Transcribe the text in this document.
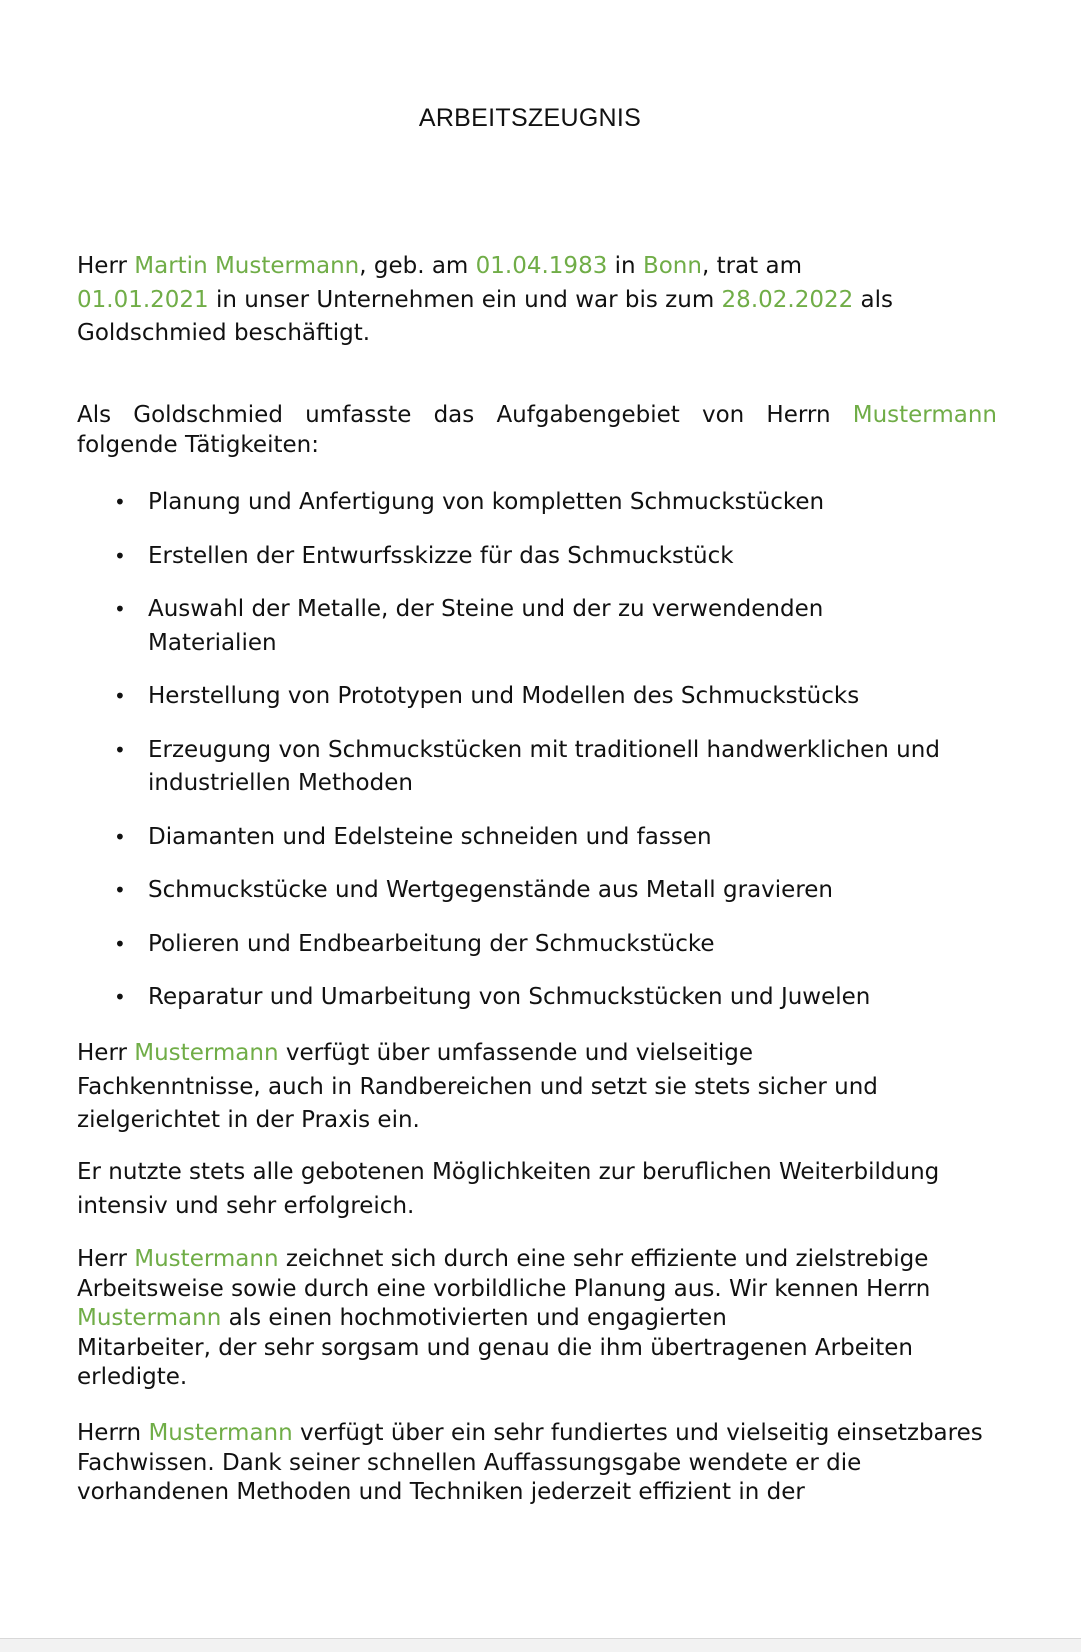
ARBEITSZEUGNIS

Herr Martin Mustermann, geb. am 01.04.1983 in Bonn, trat am
01.01.2021 in unser Unternehmen ein und war bis zum 28.02.2022 als
Goldschmied beschäftigt.

Als Goldschmied umfasste das Aufgabengebiet von Herrn Mustermann
folgende Tätigkeiten:

• Planung und Anfertigung von kompletten Schmuckstücken
• Erstellen der Entwurfsskizze für das Schmuckstück
• Auswahl der Metalle, der Steine und der zu verwendenden Materialien
• Herstellung von Prototypen und Modellen des Schmuckstücks
• Erzeugung von Schmuckstücken mit traditionell handwerklichen und industriellen Methoden
• Diamanten und Edelsteine schneiden und fassen
• Schmuckstücke und Wertgegenstände aus Metall gravieren
• Polieren und Endbearbeitung der Schmuckstücke
• Reparatur und Umarbeitung von Schmuckstücken und Juwelen

Herr Mustermann verfügt über umfassende und vielseitige Fachkenntnisse, auch in Randbereichen und setzt sie stets sicher und zielgerichtet in der Praxis ein.

Er nutzte stets alle gebotenen Möglichkeiten zur beruflichen Weiterbildung intensiv und sehr erfolgreich.

Herr Mustermann zeichnet sich durch eine sehr effiziente und zielstrebige Arbeitsweise sowie durch eine vorbildliche Planung aus. Wir kennen Herrn
Mustermann als einen hochmotivierten und engagierten
Mitarbeiter, der sehr sorgsam und genau die ihm übertragenen Arbeiten erledigte.

Herrn Mustermann verfügt über ein sehr fundiertes und vielseitig einsetzbares Fachwissen. Dank seiner schnellen Auffassungsgabe wendete er die vorhandenen Methoden und Techniken jederzeit effizient in der
